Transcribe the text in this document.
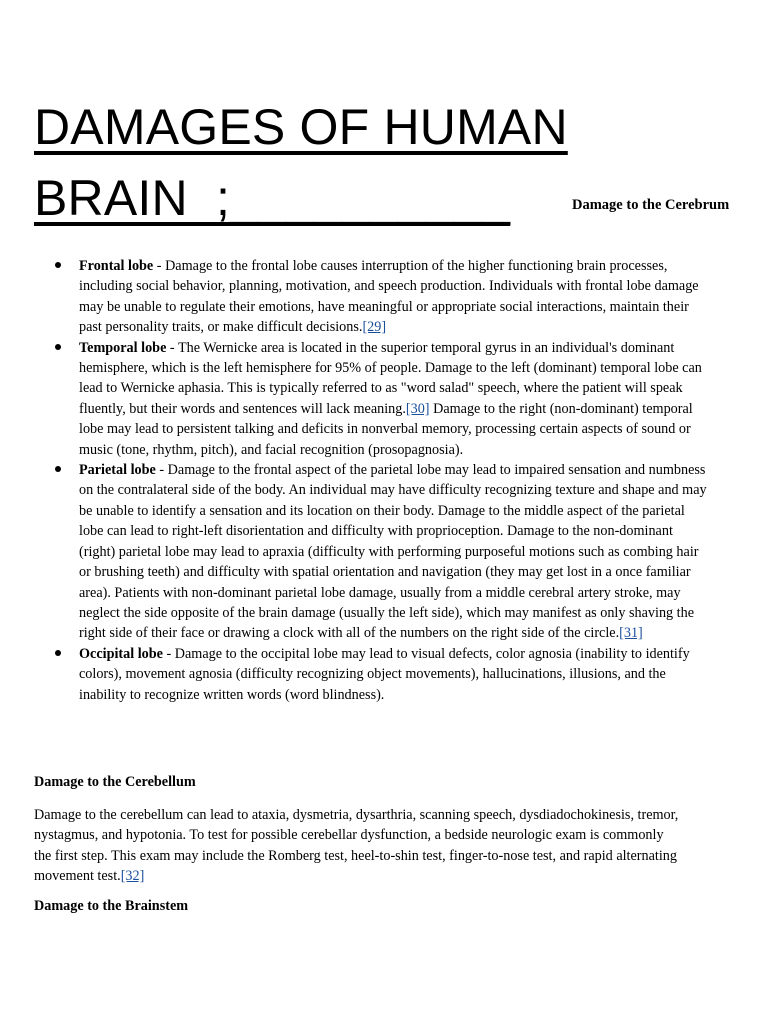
DAMAGES OF HUMAN
BRAIN  ;__________	Damage to the Cerebrum
Frontal lobe - Damage to the frontal lobe causes interruption of the higher functioning brain processes, including social behavior, planning, motivation, and speech production. Individuals with frontal lobe damage may be unable to regulate their emotions, have meaningful or appropriate social interactions, maintain their past personality traits, or make difficult decisions.[29]
Temporal lobe - The Wernicke area is located in the superior temporal gyrus in an individual's dominant hemisphere, which is the left hemisphere for 95% of people. Damage to the left (dominant) temporal lobe can lead to Wernicke aphasia. This is typically referred to as "word salad" speech, where the patient will speak fluently, but their words and sentences will lack meaning.[30] Damage to the right (non-dominant) temporal lobe may lead to persistent talking and deficits in nonverbal memory, processing certain aspects of sound or music (tone, rhythm, pitch), and facial recognition (prosopagnosia).
Parietal lobe - Damage to the frontal aspect of the parietal lobe may lead to impaired sensation and numbness on the contralateral side of the body. An individual may have difficulty recognizing texture and shape and may be unable to identify a sensation and its location on their body. Damage to the middle aspect of the parietal lobe can lead to right-left disorientation and difficulty with proprioception. Damage to the non-dominant (right) parietal lobe may lead to apraxia (difficulty with performing purposeful motions such as combing hair or brushing teeth) and difficulty with spatial orientation and navigation (they may get lost in a once familiar area). Patients with non-dominant parietal lobe damage, usually from a middle cerebral artery stroke, may neglect the side opposite of the brain damage (usually the left side), which may manifest as only shaving the right side of their face or drawing a clock with all of the numbers on the right side of the circle.[31]
Occipital lobe - Damage to the occipital lobe may lead to visual defects, color agnosia (inability to identify colors), movement agnosia (difficulty recognizing object movements), hallucinations, illusions, and the inability to recognize written words (word blindness).
Damage to the Cerebellum

Damage to the cerebellum can lead to ataxia, dysmetria, dysarthria, scanning speech, dysdiadochokinesis, tremor, nystagmus, and hypotonia. To test for possible cerebellar dysfunction, a bedside neurologic exam is commonly the first step. This exam may include the Romberg test, heel-to-shin test, finger-to-nose test, and rapid alternating movement test.[32]

Damage to the Brainstem
